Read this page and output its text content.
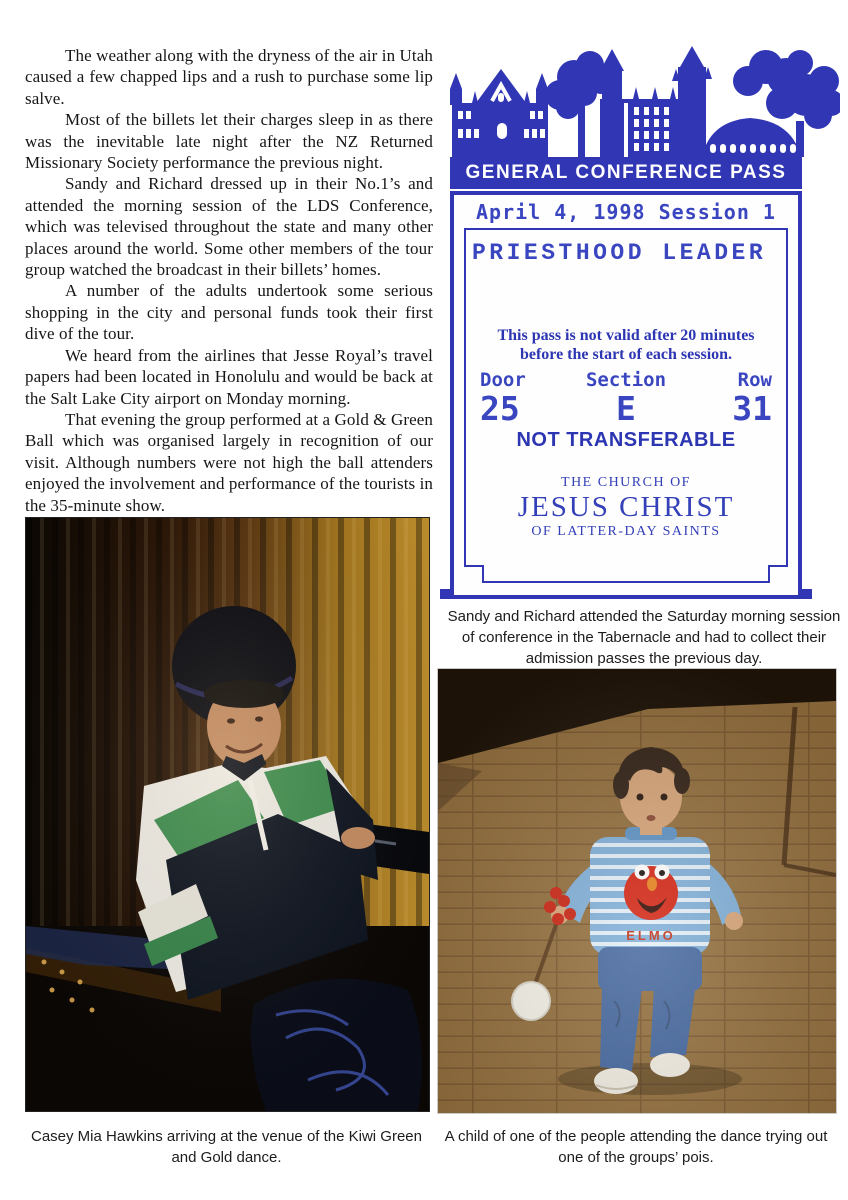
The weather along with the dryness of the air in Utah caused a few chapped lips and a rush to purchase some lip salve.

Most of the billets let their charges sleep in as there was the inevitable late night after the NZ Returned Missionary Society performance the previous night.

Sandy and Richard dressed up in their No.1’s and attended the morning session of the LDS Conference, which was televised throughout the state and many other places around the world. Some other members of the tour group watched the broadcast in their billets’ homes.

A number of the adults undertook some serious shopping in the city and personal funds took their first dive of the tour.

We heard from the airlines that Jesse Royal’s travel papers had been located in Honolulu and would be back at the Salt Lake City airport on Monday morning.

That evening the group performed at a Gold & Green Ball which was organised largely in recognition of our visit. Although numbers were not high the ball attenders enjoyed the involvement and performance of the tourists in the 35-minute show.

GENERAL CONFERENCE PASS
April 4, 1998 Session 1
PRIESTHOOD LEADER
This pass is not valid after 20 minutes
before the start of each session.
Door	Section	Row
25	E	31
NOT TRANSFERABLE
THE CHURCH OF
JESUS CHRIST
OF LATTER-DAY SAINTS
Sandy and Richard attended the Saturday morning session of conference in the Tabernacle and had to collect their admission passes the previous day.
Casey Mia Hawkins arriving at the venue of the Kiwi Green and Gold dance.
A child of one of the people attending the dance trying out one of the groups’ pois.
